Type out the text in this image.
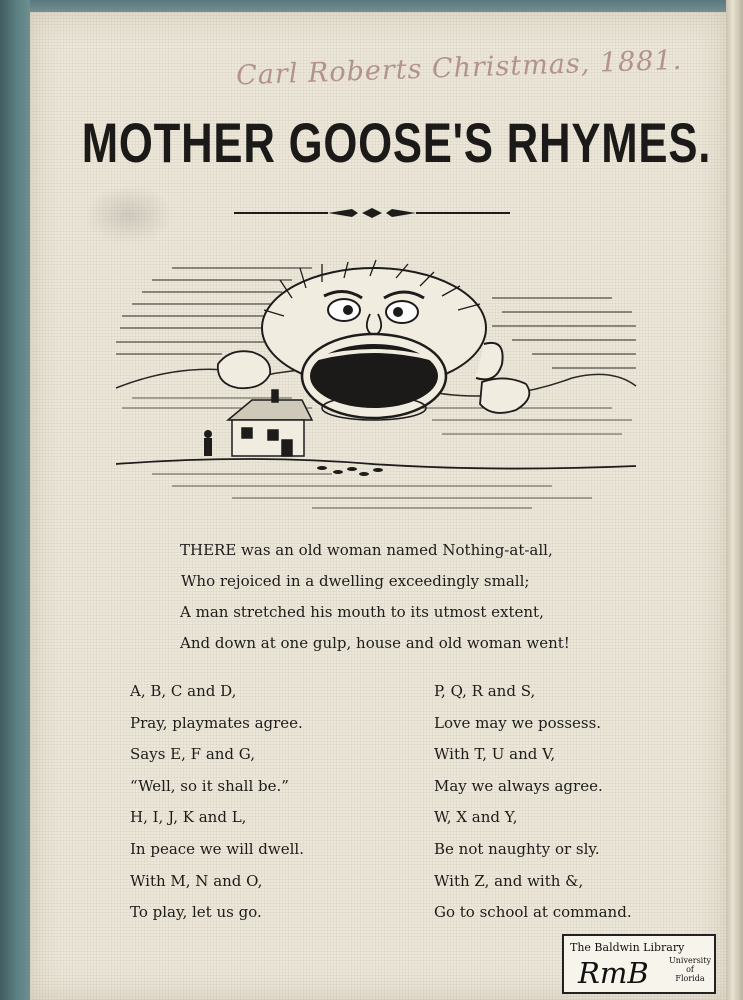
Carl Roberts Christmas, 1881.
MOTHER GOOSE'S RHYMES.
THERE was an old woman named Nothing-at-all,
Who rejoiced in a dwelling exceedingly small;
A man stretched his mouth to its utmost extent,
And down at one gulp, house and old woman went!
A, B, C and D,
Pray, playmates agree.
Says E, F and G,
“Well, so it shall be.”
H, I, J, K and L,
In peace we will dwell.
With M, N and O,
To play, let us go.
P, Q, R and S,
Love may we possess.
With T, U and V,
May we always agree.
W, X and Y,
Be not naughty or sly.
With Z, and with &,
Go to school at command.
The Baldwin Library
RmB	University
of
Florida
